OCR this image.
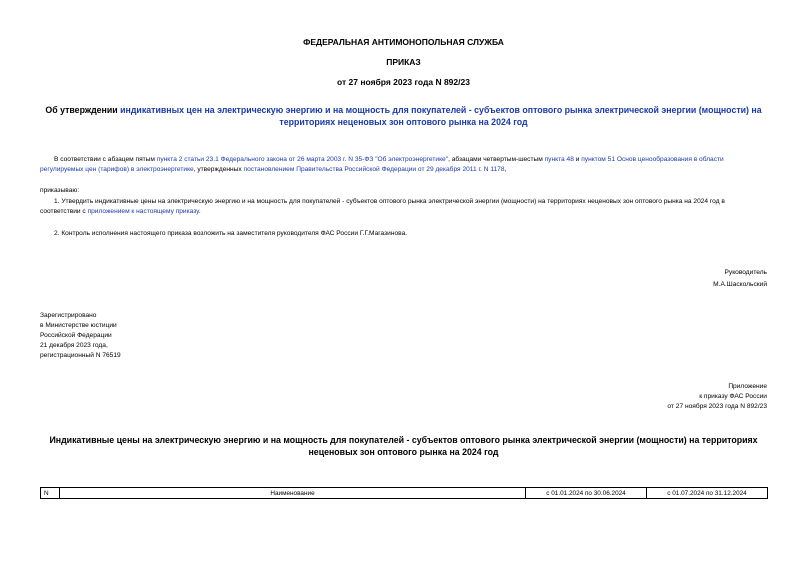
ФЕДЕРАЛЬНАЯ АНТИМОНОПОЛЬНАЯ СЛУЖБА
ПРИКАЗ
от 27 ноября 2023 года N 892/23
Об утверждении индикативных цен на электрическую энергию и на мощность для покупателей - субъектов оптового рынка электрической энергии (мощности) на территориях неценовых зон оптового рынка на 2024 год
В соответствии с абзацем пятым пункта 2 статьи 23.1 Федерального закона от 26 марта 2003 г. N 35-ФЗ "Об электроэнергетике", абзацами четвертым-шестым пункта 48 и пунктом 51 Основ ценообразования в области регулируемых цен (тарифов) в электроэнергетике, утвержденных постановлением Правительства Российской Федерации от 29 декабря 2011 г. N 1178,
приказываю:
1. Утвердить индикативные цены на электрическую энергию и на мощность для покупателей - субъектов оптового рынка электрической энергии (мощности) на территориях неценовых зон оптового рынка на 2024 год в соответствии с приложением к настоящему приказу.
2. Контроль исполнения настоящего приказа возложить на заместителя руководителя ФАС России Г.Г.Магазинова.
Руководитель
М.А.Шаскольский
Зарегистрировано
в Министерстве юстиции
Российской Федерации
21 декабря 2023 года,
регистрационный N 76519
Приложение
к приказу ФАС России
от 27 ноября 2023 года N 892/23
Индикативные цены на электрическую энергию и на мощность для покупателей - субъектов оптового рынка электрической энергии (мощности) на территориях неценовых зон оптового рынка на 2024 год
N	Наименование	с 01.01.2024 по 30.06.2024	с 01.07.2024 по 31.12.2024
